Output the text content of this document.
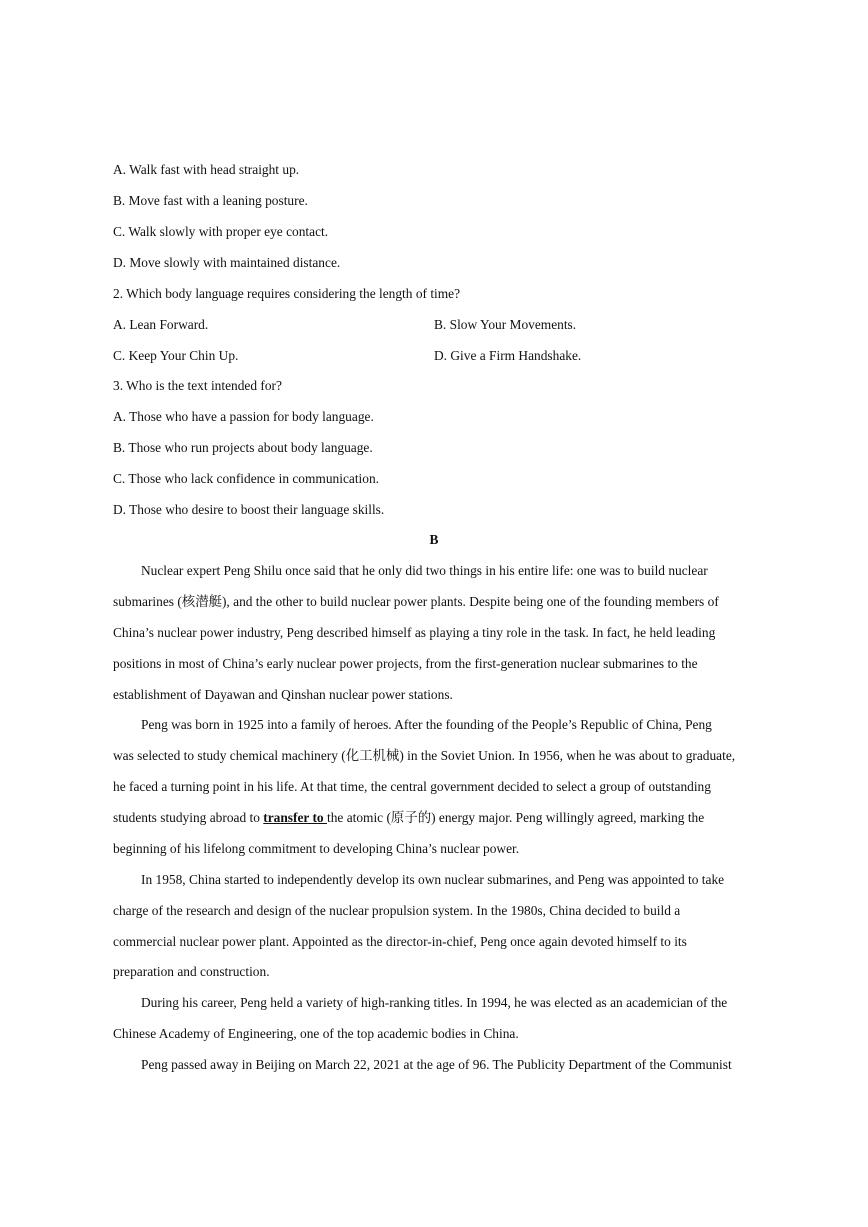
A. Walk fast with head straight up.
B. Move fast with a leaning posture.
C. Walk slowly with proper eye contact.
D. Move slowly with maintained distance.
2. Which body language requires considering the length of time?
A. Lean Forward.	B. Slow Your Movements.
C. Keep Your Chin Up.	D. Give a Firm Handshake.
3. Who is the text intended for?
A. Those who have a passion for body language.
B. Those who run projects about body language.
C. Those who lack confidence in communication.
D. Those who desire to boost their language skills.
B
Nuclear expert Peng Shilu once said that he only did two things in his entire life: one was to build nuclear
submarines (核潜艇), and the other to build nuclear power plants. Despite being one of the founding members of
China’s nuclear power industry, Peng described himself as playing a tiny role in the task. In fact, he held leading
positions in most of China’s early nuclear power projects, from the first-generation nuclear submarines to the
establishment of Dayawan and Qinshan nuclear power stations.
Peng was born in 1925 into a family of heroes. After the founding of the People’s Republic of China, Peng
was selected to study chemical machinery (化工机械) in the Soviet Union. In 1956, when he was about to graduate,
he faced a turning point in his life. At that time, the central government decided to select a group of outstanding
students studying abroad to transfer to the atomic (原子的) energy major. Peng willingly agreed, marking the
beginning of his lifelong commitment to developing China’s nuclear power.
In 1958, China started to independently develop its own nuclear submarines, and Peng was appointed to take
charge of the research and design of the nuclear propulsion system. In the 1980s, China decided to build a
commercial nuclear power plant. Appointed as the director-in-chief, Peng once again devoted himself to its
preparation and construction.
During his career, Peng held a variety of high-ranking titles. In 1994, he was elected as an academician of the
Chinese Academy of Engineering, one of the top academic bodies in China.
Peng passed away in Beijing on March 22, 2021 at the age of 96. The Publicity Department of the Communist
